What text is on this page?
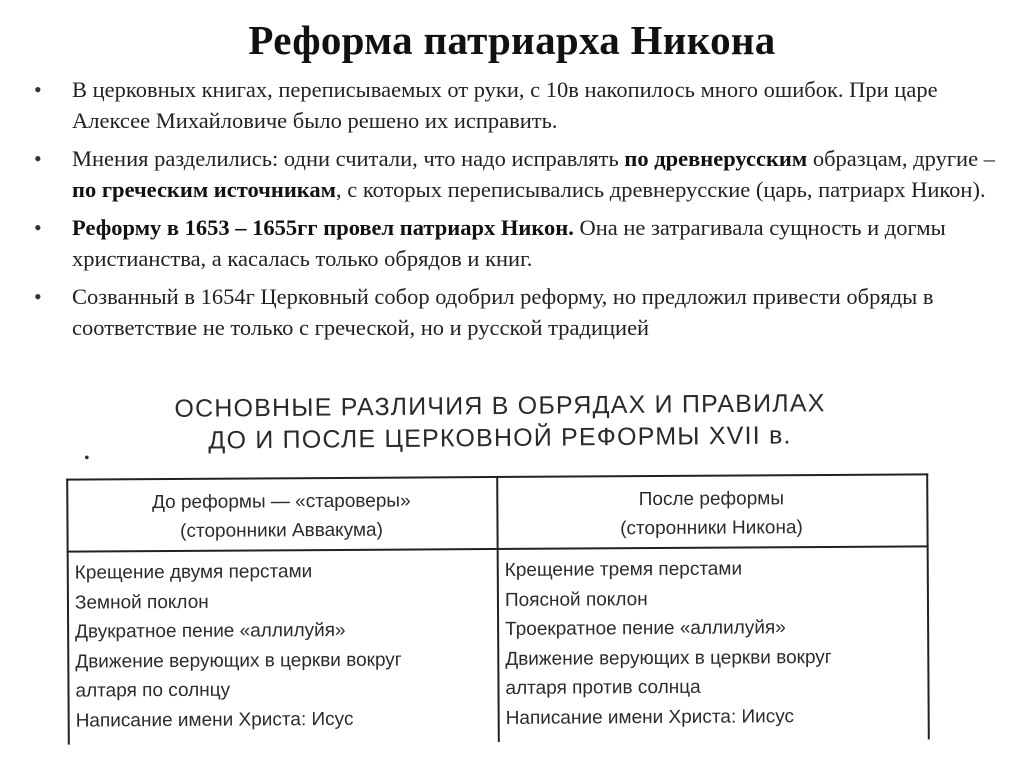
Реформа патриарха Никона
• В церковных книгах, переписываемых от руки, с 10в накопилось много ошибок. При царе Алексее Михайловиче было решено их исправить.
• Мнения разделились: одни считали, что надо исправлять по древнерусским образцам, другие – по греческим источникам, с которых переписывались древнерусские (царь, патриарх Никон).
• Реформу в 1653 – 1655гг провел патриарх Никон. Она не затрагивала сущность и догмы христианства, а касалась только обрядов и книг.
• Созванный в 1654г Церковный собор одобрил реформу, но предложил привести обряды в соответствие не только с греческой, но и русской традицией
ОСНОВНЫЕ РАЗЛИЧИЯ В ОБРЯДАХ И ПРАВИЛАХ
ДО И ПОСЛЕ ЦЕРКОВНОЙ РЕФОРМЫ XVII в.
•
До реформы — «староверы»
(сторонники Аввакума)
После реформы
(сторонники Никона)
Крещение двумя перстами
Земной поклон
Двукратное пение «аллилуйя»
Движение верующих в церкви вокруг
алтаря по солнцу
Написание имени Христа: Исус
Крещение тремя перстами
Поясной поклон
Троекратное пение «аллилуйя»
Движение верующих в церкви вокруг
алтаря против солнца
Написание имени Христа: Иисус
